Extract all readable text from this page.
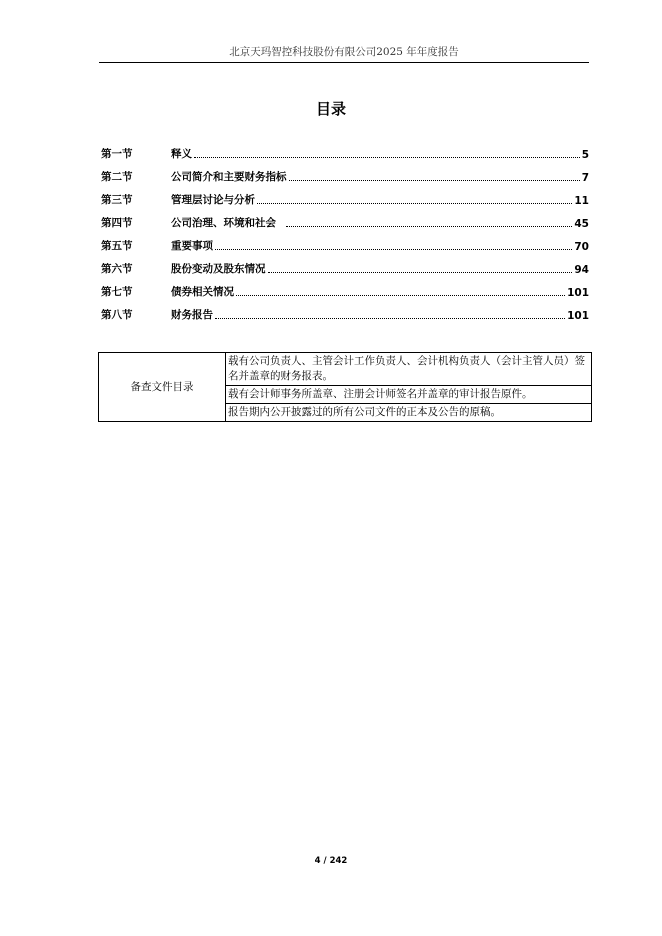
北京天玛智控科技股份有限公司2025 年年度报告
目录
第一节	释义	5
第二节	公司简介和主要财务指标	7
第三节	管理层讨论与分析	11
第四节	公司治理、环境和社会	45
第五节	重要事项	70
第六节	股份变动及股东情况	94
第七节	债券相关情况	101
第八节	财务报告	101
备查文件目录	载有公司负责人、主管会计工作负责人、会计机构负责人（会计主管人员）签名并盖章的财务报表。
载有会计师事务所盖章、注册会计师签名并盖章的审计报告原件。
报告期内公开披露过的所有公司文件的正本及公告的原稿。
4 / 242
